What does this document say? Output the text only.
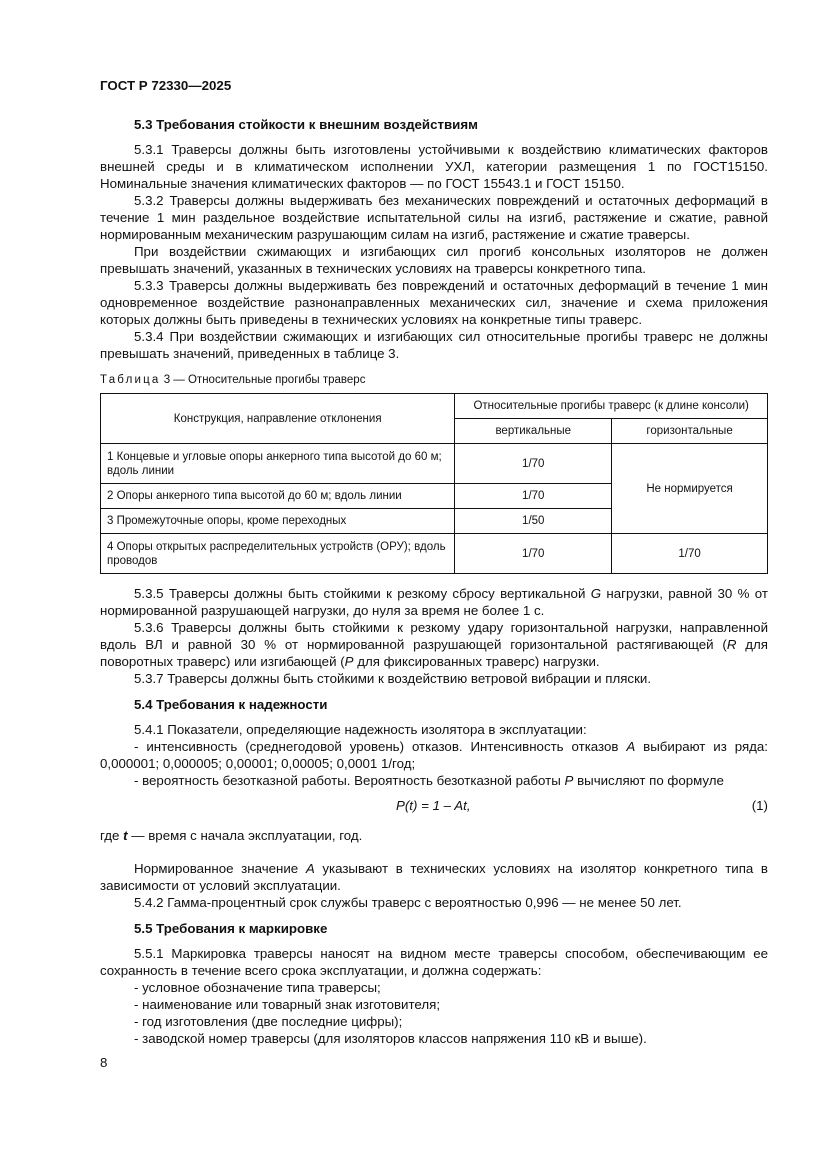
ГОСТ Р 72330—2025
5.3 Требования стойкости к внешним воздействиям

5.3.1 Траверсы должны быть изготовлены устойчивыми к воздействию климатических факторов внешней среды и в климатическом исполнении УХЛ, категории размещения 1 по ГОСТ15150. Номинальные значения климатических факторов — по ГОСТ 15543.1 и ГОСТ 15150.

5.3.2 Траверсы должны выдерживать без механических повреждений и остаточных деформаций в течение 1 мин раздельное воздействие испытательной силы на изгиб, растяжение и сжатие, равной нормированным механическим разрушающим силам на изгиб, растяжение и сжатие траверсы.

При воздействии сжимающих и изгибающих сил прогиб консольных изоляторов не должен превышать значений, указанных в технических условиях на траверсы конкретного типа.

5.3.3 Траверсы должны выдерживать без повреждений и остаточных деформаций в течение 1 мин одновременное воздействие разнонаправленных механических сил, значение и схема приложения которых должны быть приведены в технических условиях на конкретные типы траверс.

5.3.4 При воздействии сжимающих и изгибающих сил относительные прогибы траверс не должны превышать значений, приведенных в таблице 3.

Таблица 3 — Относительные прогибы траверс
Конструкция, направление отклонения	Относительные прогибы траверс (к длине консоли)	
	вертикальные	горизонтальные
1 Концевые и угловые опоры анкерного типа высотой до 60 м; вдоль линии	1/70	Не нормируется
2 Опоры анкерного типа высотой до 60 м; вдоль линии	1/70	
3 Промежуточные опоры, кроме переходных	1/50	
4 Опоры открытых распределительных устройств (ОРУ); вдоль проводов	1/70	1/70

5.3.5 Траверсы должны быть стойкими к резкому сбросу вертикальной G нагрузки, равной 30 % от нормированной разрушающей нагрузки, до нуля за время не более 1 с.

5.3.6 Траверсы должны быть стойкими к резкому удару горизонтальной нагрузки, направленной вдоль ВЛ и равной 30 % от нормированной разрушающей горизонтальной растягивающей (R для поворотных траверс) или изгибающей (P для фиксированных траверс) нагрузки.

5.3.7 Траверсы должны быть стойкими к воздействию ветровой вибрации и пляски.

5.4 Требования к надежности

5.4.1 Показатели, определяющие надежность изолятора в эксплуатации:

- интенсивность (среднегодовой уровень) отказов. Интенсивность отказов A выбирают из ряда: 0,000001; 0,000005; 0,00001; 0,00005; 0,0001 1/год;

- вероятность безотказной работы. Вероятность безотказной работы P вычисляют по формуле

P(t) = 1 – At,	(1)

где t — время с начала эксплуатации, год.

Нормированное значение A указывают в технических условиях на изолятор конкретного типа в зависимости от условий эксплуатации.

5.4.2 Гамма-процентный срок службы траверс с вероятностью 0,996 — не менее 50 лет.

5.5 Требования к маркировке

5.5.1 Маркировка траверсы наносят на видном месте траверсы способом, обеспечивающим ее сохранность в течение всего срока эксплуатации, и должна содержать:

- условное обозначение типа траверсы;

- наименование или товарный знак изготовителя;

- год изготовления (две последние цифры);

- заводской номер траверсы (для изоляторов классов напряжения 110 кВ и выше).

8
